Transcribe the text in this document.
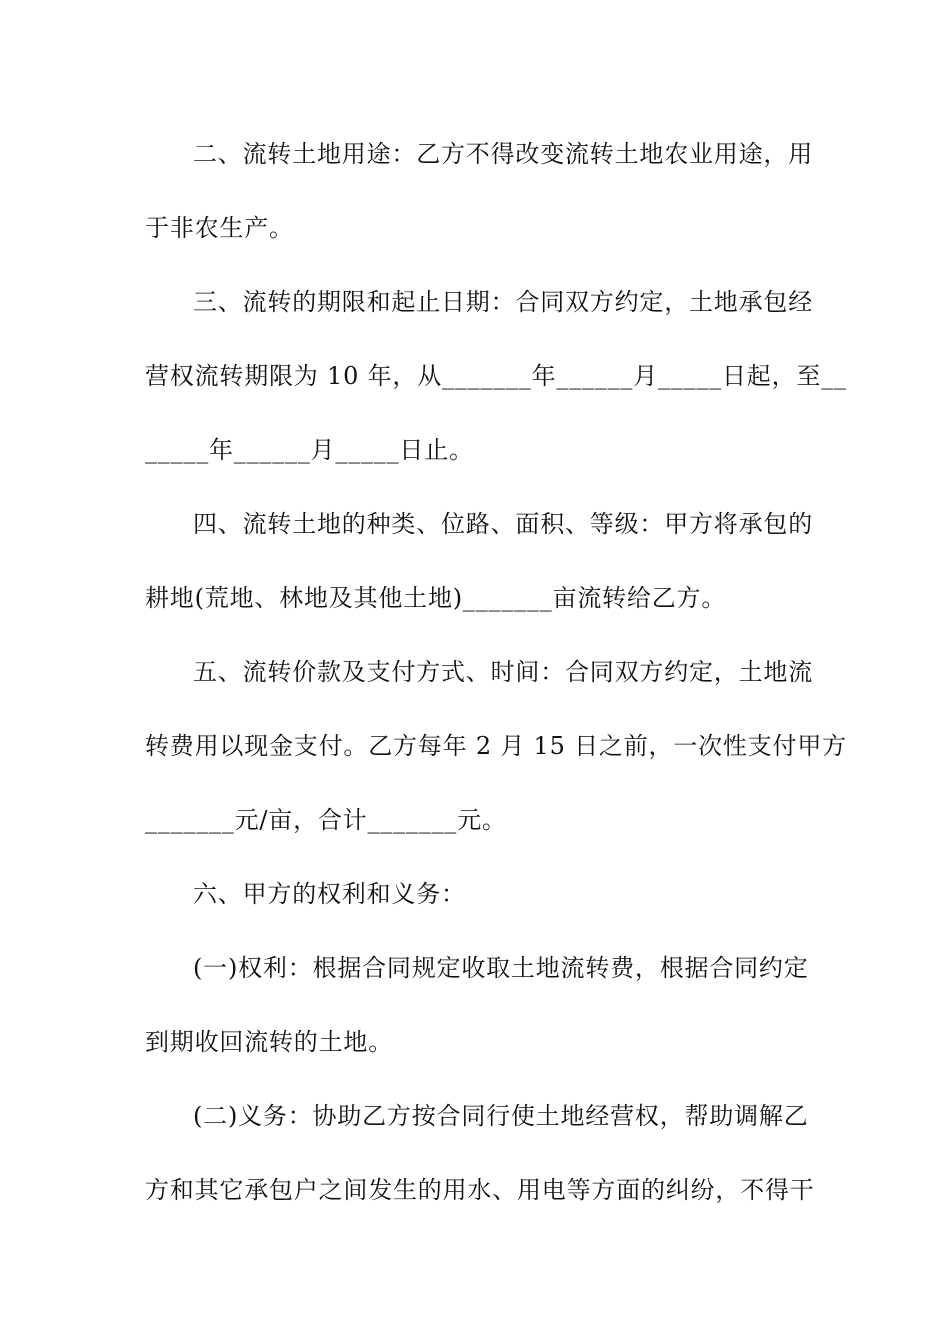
二、流转土地用途：乙方不得改变流转土地农业用途，用
于非农生产。
三、流转的期限和起止日期：合同双方约定，土地承包经
营权流转期限为 10 年，从_______年______月_____日起，至__
_____年______月_____日止。
四、流转土地的种类、位路、面积、等级：甲方将承包的
耕地(荒地、林地及其他土地)_______亩流转给乙方。
五、流转价款及支付方式、时间：合同双方约定，土地流
转费用以现金支付。乙方每年 2 月 15 日之前，一次性支付甲方
_______元/亩，合计_______元。
六、甲方的权利和义务：
(一)权利：根据合同规定收取土地流转费，根据合同约定
到期收回流转的土地。
(二)义务：协助乙方按合同行使土地经营权，帮助调解乙
方和其它承包户之间发生的用水、用电等方面的纠纷，不得干
